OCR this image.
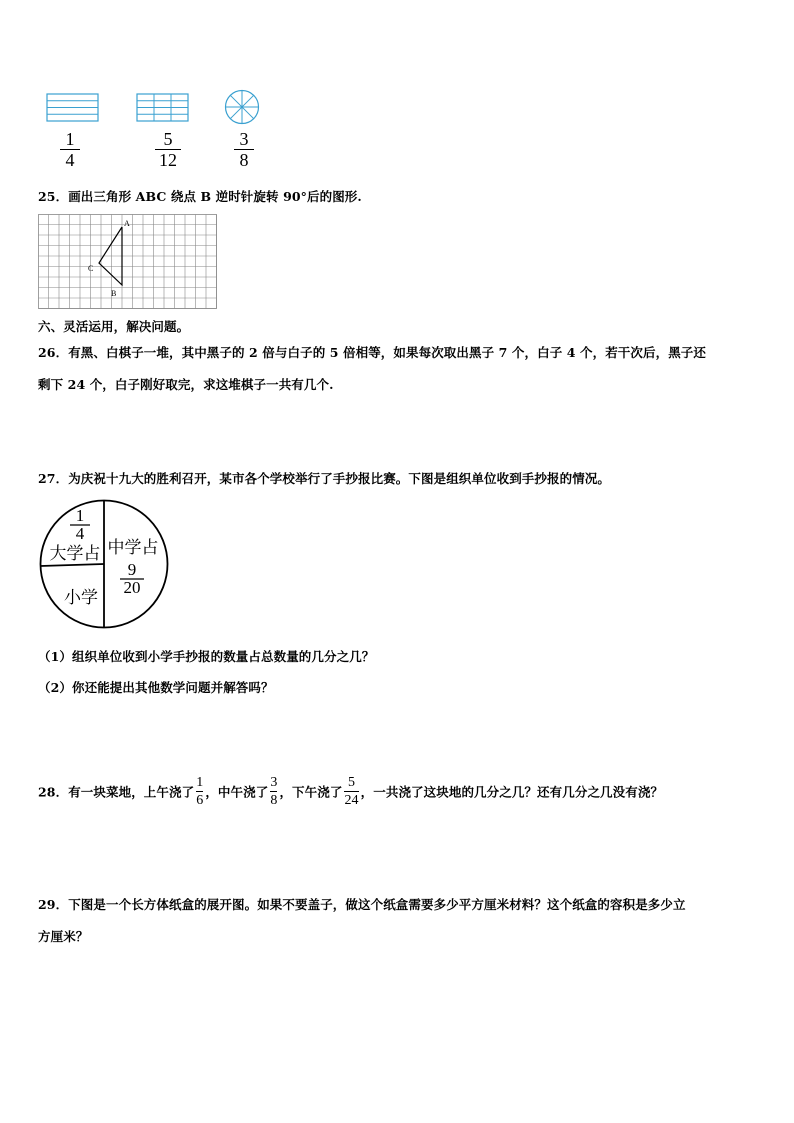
1
4
5
12
3
8
25．画出三角形 ABC 绕点 B 逆时针旋转 90°后的图形.
A
B
C
六、灵活运用，解决问题。
26．有黑、白棋子一堆，其中黑子的 2 倍与白子的 5 倍相等，如果每次取出黑子 7 个，白子 4 个，若干次后，黑子还
剩下 24 个，白子刚好取完，求这堆棋子一共有几个.
27．为庆祝十九大的胜利召开，某市各个学校举行了手抄报比赛。下图是组织单位收到手抄报的情况。
1
4
大学占 中学占
9
20
小学
（1）组织单位收到小学手抄报的数量占总数量的几分之几？
（2）你还能提出其他数学问题并解答吗？
28．有一块菜地，上午浇了 $\frac{1}{6}$ ，中午浇了 $\frac{3}{8}$ ，下午浇了 $\frac{5}{24}$ ，一共浇了这块地的几分之几？还有几分之几没有浇？
29．下图是一个长方体纸盒的展开图。如果不要盖子，做这个纸盒需要多少平方厘米材料？这个纸盒的容积是多少立
方厘米？
